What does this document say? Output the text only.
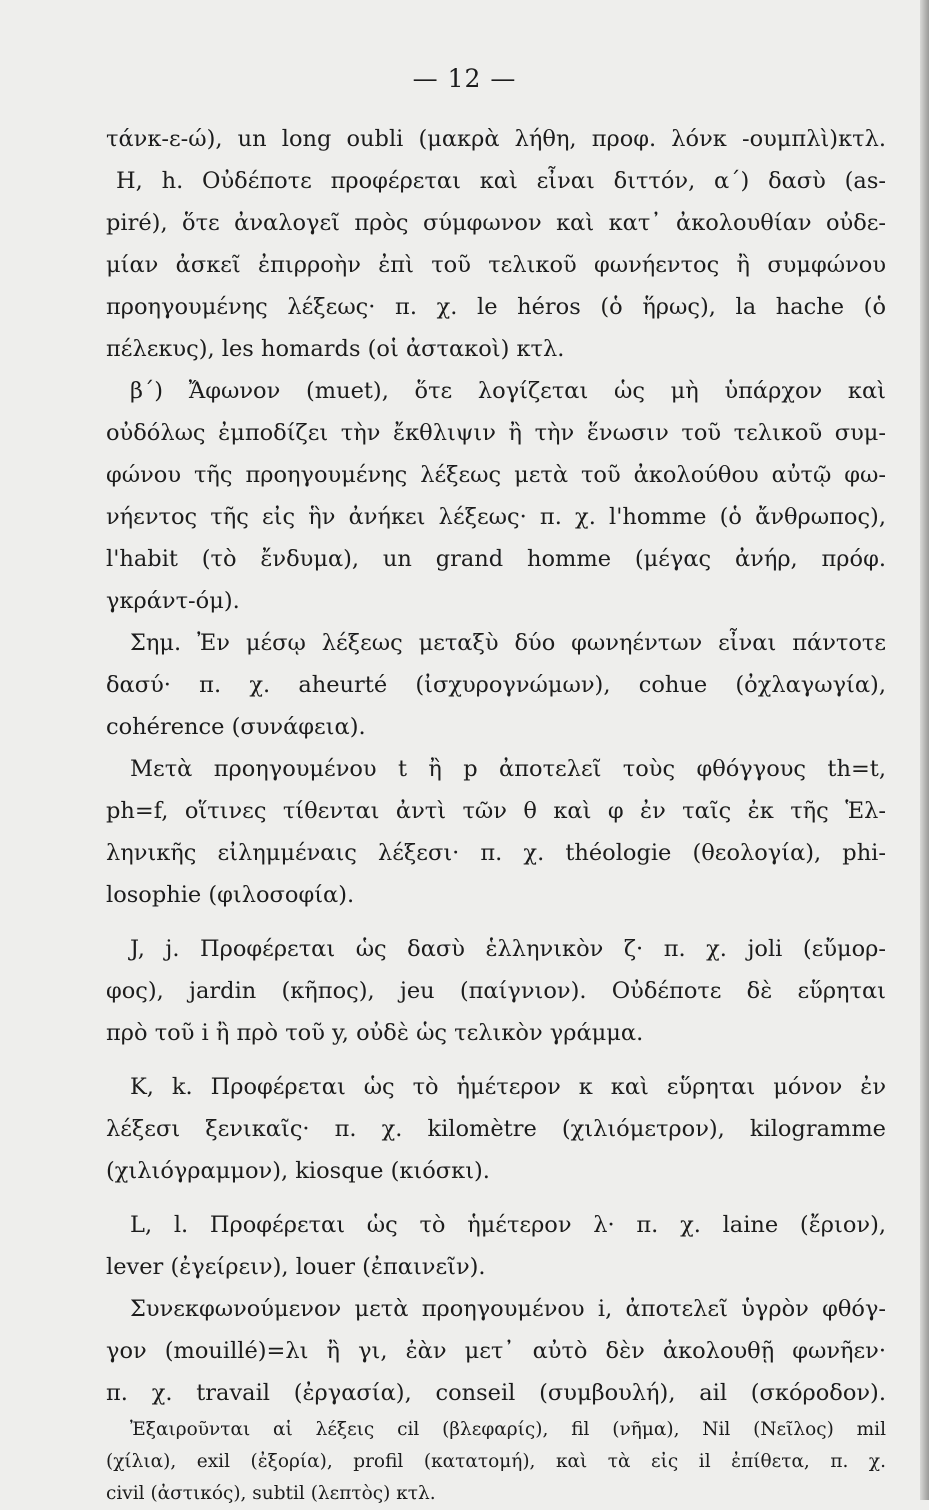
— 12 —
τάνκ-ε-ώ), un long oubli (μακρὰ λήθη, προφ. λόνκ -ουμπλὶ)κτλ.
H, h. Οὐδέποτε προφέρεται καὶ εἶναι διττόν, α΄) δασὺ (as-
piré), ὅτε ἀναλογεῖ πρὸς σύμφωνον καὶ κατ᾽ ἀκολουθίαν οὐδε-
μίαν ἀσκεῖ ἐπιρροὴν ἐπὶ τοῦ τελικοῦ φωνήεντος ἢ συμφώνου
προηγουμένης λέξεως· π. χ. le héros (ὁ ἥρως), la hache (ὁ
πέλεκυς), les homards (οἱ ἀστακοὶ) κτλ.
β΄) Ἄφωνον (muet), ὅτε λογίζεται ὡς μὴ ὑπάρχον καὶ
οὐδόλως ἐμποδίζει τὴν ἔκθλιψιν ἢ τὴν ἕνωσιν τοῦ τελικοῦ συμ-
φώνου τῆς προηγουμένης λέξεως μετὰ τοῦ ἀκολούθου αὐτῷ φω-
νήεντος τῆς εἰς ἣν ἀνήκει λέξεως· π. χ. l'homme (ὁ ἄνθρωπος),
l'habit (τὸ ἔνδυμα), un grand homme (μέγας ἀνήρ, πρόφ.
γκράντ-όμ).
Σημ. Ἐν μέσῳ λέξεως μεταξὺ δύο φωνηέντων εἶναι πάντοτε
δασύ· π. χ. aheurté (ἰσχυρογνώμων), cohue (ὀχλαγωγία),
cohérence (συνάφεια).
Μετὰ προηγουμένου t ἢ p ἀποτελεῖ τοὺς φθόγγους th=t,
ph=f, οἵτινες τίθενται ἀντὶ τῶν θ καὶ φ ἐν ταῖς ἐκ τῆς Ἑλ-
ληνικῆς εἰλημμέναις λέξεσι· π. χ. théologie (θεολογία), phi-
losophie (φιλοσοφία).
J, j. Προφέρεται ὡς δασὺ ἑλληνικὸν ζ· π. χ. joli (εὔμορ-
φος), jardin (κῆπος), jeu (παίγνιον). Οὐδέποτε δὲ εὕρηται
πρὸ τοῦ i ἢ πρὸ τοῦ y, οὐδὲ ὡς τελικὸν γράμμα.
K, k. Προφέρεται ὡς τὸ ἡμέτερον κ καὶ εὕρηται μόνον ἐν
λέξεσι ξενικαῖς· π. χ. kilomètre (χιλιόμετρον), kilogramme
(χιλιόγραμμον), kiosque (κιόσκι).
L, l. Προφέρεται ὡς τὸ ἡμέτερον λ· π. χ. laine (ἔριον),
lever (ἐγείρειν), louer (ἐπαινεῖν).
Συνεκφωνούμενον μετὰ προηγουμένου i, ἀποτελεῖ ὑγρὸν φθόγ-
γον (mouillé)=λι ἢ γι, ἐὰν μετ᾽ αὐτὸ δὲν ἀκολουθῇ φωνῆεν·
π. χ. travail (ἐργασία), conseil (συμβουλή), ail (σκόροδον).
Ἐξαιροῦνται αἱ λέξεις cil (βλεφαρίς), fil (νῆμα), Nil (Νεῖλος) mil
(χίλια), exil (ἐξορία), profil (κατατομή), καὶ τὰ εἰς il ἐπίθετα, π. χ.
civil (ἀστικός), subtil (λεπτὸς) κτλ.
